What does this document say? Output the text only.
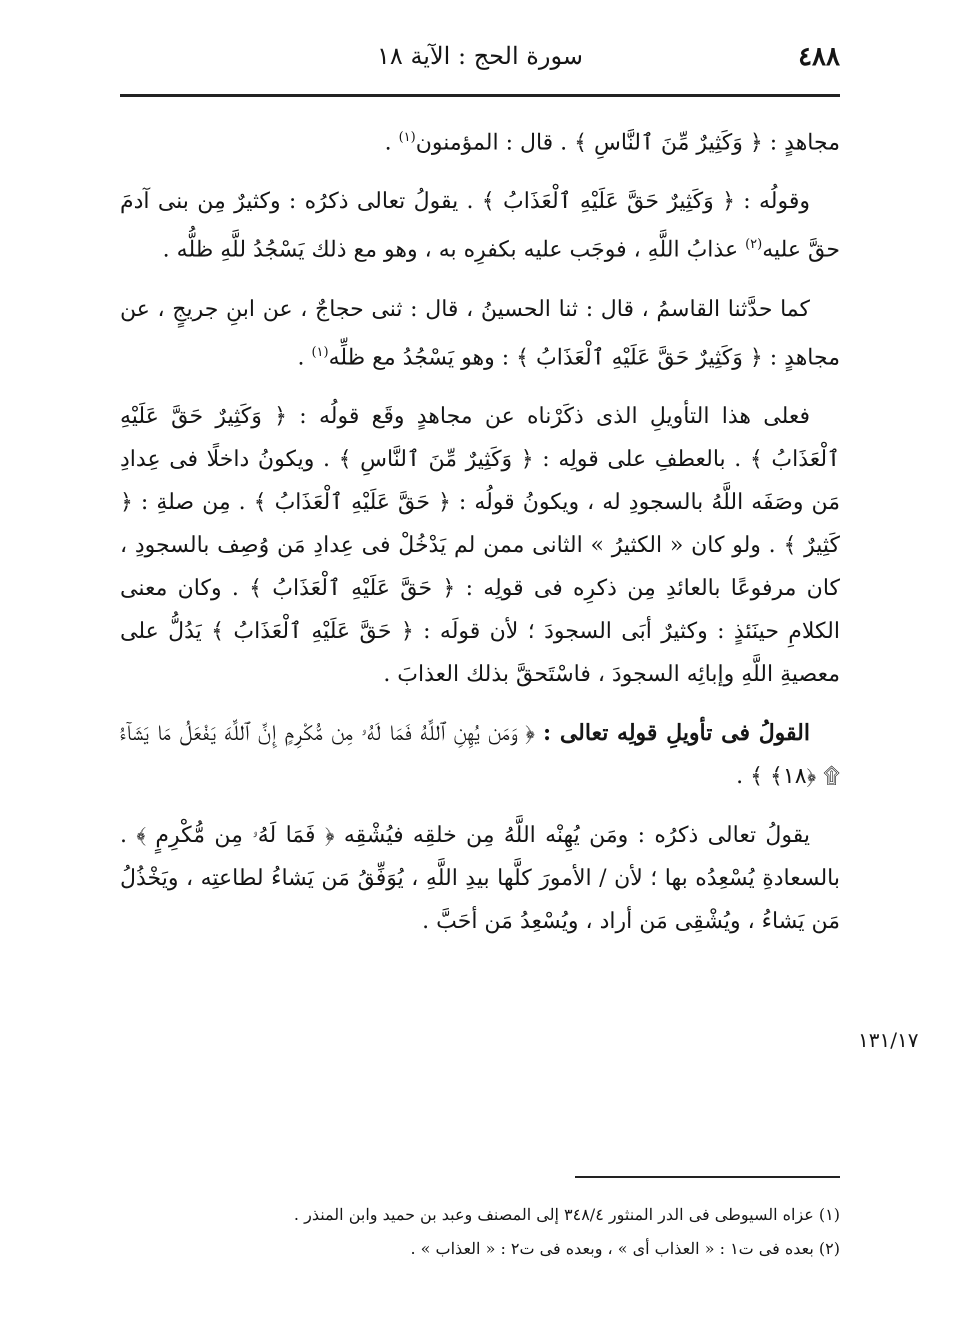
٤٨٨
سورة الحج : الآية ١٨

مجاهدٍ : ﴿ وَكَثِيرٌ مِّنَ ٱلنَّاسِ ﴾ . قال : المؤمنون$^{(١)}$ .

وقولُه : ﴿ وَكَثِيرٌ حَقَّ عَلَيْهِ ٱلْعَذَابُ ﴾ . يقولُ تعالى ذكرُه : وكثيرٌ مِن بنى آدمَ حقَّ عليه$^{(٢)}$ عذابُ اللَّهِ ، فوجَب عليه بكفرِه به ، وهو مع ذلك يَسْجُدُ للَّهِ ظلُّه .

كما حدَّثنا القاسمُ ، قال : ثنا الحسينُ ، قال : ثنى حجاجٌ ، عن ابنِ جريجٍ ، عن مجاهدٍ : ﴿ وَكَثِيرٌ حَقَّ عَلَيْهِ ٱلْعَذَابُ ﴾ : وهو يَسْجُدُ مع ظلِّه$^{(١)}$ .

فعلى هذا التأويلِ الذى ذكَرْناه عن مجاهدٍ وقَع قولُه : ﴿ وَكَثِيرٌ حَقَّ عَلَيْهِ ٱلْعَذَابُ ﴾ . بالعطفِ على قولِه : ﴿ وَكَثِيرٌ مِّنَ ٱلنَّاسِ ﴾ . ويكونُ داخلًا فى عِدادِ مَن وصَفَه اللَّهُ بالسجودِ له ، ويكونُ قولُه : ﴿ حَقَّ عَلَيْهِ ٱلْعَذَابُ ﴾ . مِن صلةِ : ﴿ كَثِيرٌ ﴾ . ولو كان « الكثيرُ » الثانى ممن لم يَدْخُلْ فى عِدادِ مَن وُصِف بالسجودِ ، كان مرفوعًا بالعائدِ مِن ذكرِه فى قولِه : ﴿ حَقَّ عَلَيْهِ ٱلْعَذَابُ ﴾ . وكان معنى الكلامِ حينَئذٍ : وكثيرٌ أبَى السجودَ ؛ لأن قولَه : ﴿ حَقَّ عَلَيْهِ ٱلْعَذَابُ ﴾ يَدُلُّ على معصيةِ اللَّهِ وإبائِه السجودَ ، فاسْتَحقَّ بذلك العذابَ .

القولُ فى تأويلِ قولِه تعالى : ﴿ وَمَن يُهِنِ ٱللَّهُ فَمَا لَهُۥ مِن مُّكْرِمٍ إِنَّ ٱللَّهَ يَفْعَلُ مَا يَشَآءُ ۩ ﴿١٨﴾ ﴾ .

يقولُ تعالى ذكرُه : ومَن يُهِنْه اللَّهُ مِن خلقِه فيُشْقِه ﴿ فَمَا لَهُۥ مِن مُّكْرِمٍ ﴾ . بالسعادةِ يُسْعِدُه بها ؛ لأن / الأمورَ كلَّها بيدِ اللَّهِ ، يُوَفِّقُ مَن يَشاءُ لطاعتِه ، ويَخْذُلُ مَن يَشاءُ ، ويُشْقِى مَن أراد ، ويُسْعِدُ مَن أحَبَّ .

١٣١/١٧

(١) عزاه السيوطى فى الدر المنثور ٣٤٨/٤ إلى المصنف وعبد بن حميد وابن المنذر .

(٢) بعده فى ت١ : « العذاب أى » ، وبعده فى ت٢ : « العذاب » .
